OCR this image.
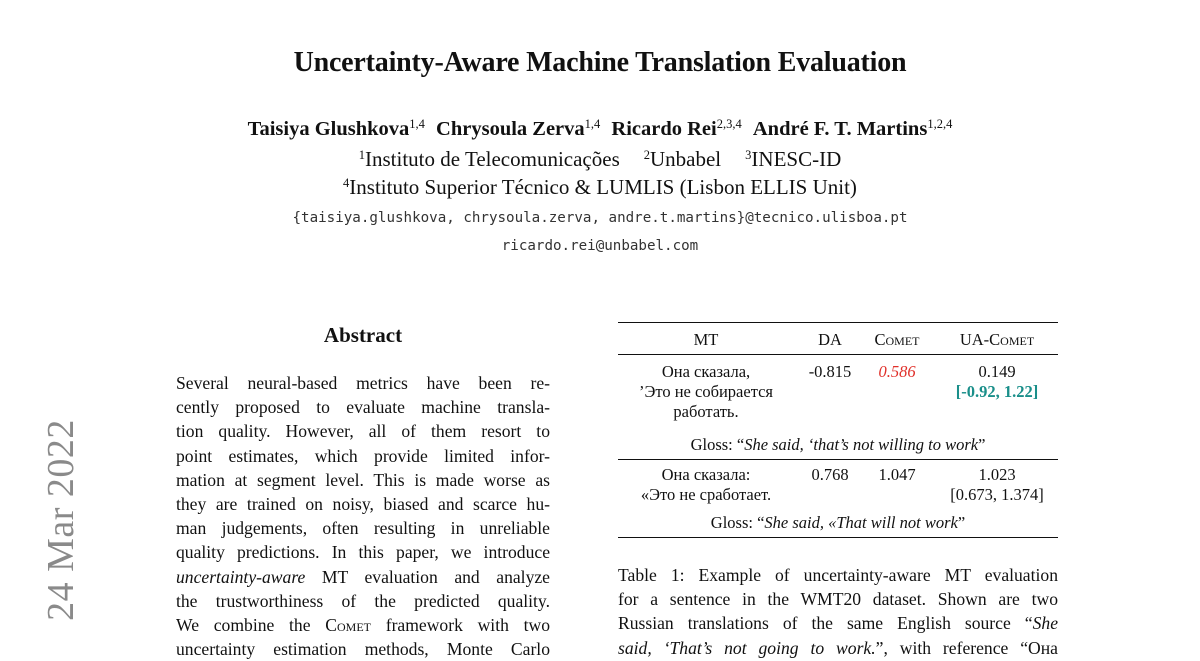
24 Mar 2022
Uncertainty-Aware Machine Translation Evaluation
Taisiya Glushkova$^{1,4}$ Chrysoula Zerva$^{1,4}$ Ricardo Rei$^{2,3,4}$ André F. T. Martins$^{1,2,4}$
$^1$Instituto de Telecomunicações $^2$Unbabel $^3$INESC-ID
$^4$Instituto Superior Técnico & LUMLIS (Lisbon ELLIS Unit)
{taisiya.glushkova, chrysoula.zerva, andre.t.martins}@tecnico.ulisboa.pt
ricardo.rei@unbabel.com
Abstract
Several neural-based metrics have been re-
cently proposed to evaluate machine transla-
tion quality. However, all of them resort to
point estimates, which provide limited infor-
mation at segment level. This is made worse as
they are trained on noisy, biased and scarce hu-
man judgements, often resulting in unreliable
quality predictions. In this paper, we introduce
uncertainty-aware MT evaluation and analyze
the trustworthiness of the predicted quality.
We combine the Comet framework with two
uncertainty estimation methods, Monte Carlo
MT	DA	Comet	UA-Comet
Она сказала,
’Это не собирается
работать.
-0.815	0.586	0.149
[-0.92, 1.22]
Gloss: “She said, ‘that’s not willing to work”
Она сказала:
«Это не сработает.
0.768	1.047	1.023
[0.673, 1.374]
Gloss: “She said, «That will not work”
Table 1: Example of uncertainty-aware MT evaluation
for a sentence in the WMT20 dataset. Shown are two
Russian translations of the same English source “She
said, ‘That’s not going to work.”, with reference “Она
